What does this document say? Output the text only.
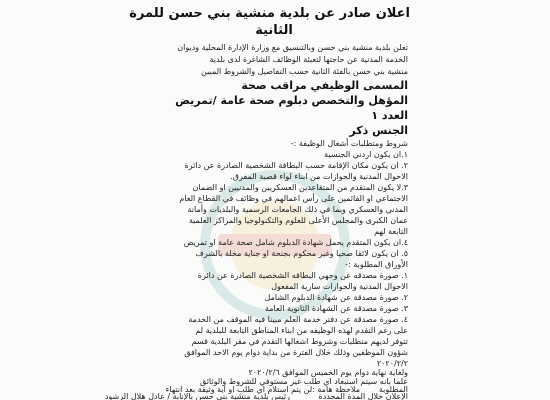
اعلان صادر عن بلدية منشية بني حسن للمرة
الثانية
تعلن بلدية منشية بني حسن وبالتنسيق مع وزارة الإدارة المحلية وديوان
الخدمة المدنية عن حاجتها لتعبئة الوظائف الشاغرة لدى بلدية
منشية بني حسن بالفئة الثانية حسب التفاصيل والشروط المبين
المسمى الوظيفي مراقب صحة
المؤهل والتخصص دبلوم صحة عامة /تمريض
العدد ١
الجنس ذكر
شروط ومتطلبات أشغال الوظيفة :-
١.ان يكون اردني الجنسية
٢. ان يكون مكان الإقامة حسب البطاقة الشخصية الصادرة عن دائرة
الاحوال المدنية والجوازات من ابناء لواء قصبة المفرق.
٣.لا يكون المتقدم من المتقاعدين العسكريين والمدنيين او الضمان
الاجتماعي او القائمين على رأس اعمالهم في وظائف في القطاع العام
المدني والعسكري وبما في ذلك الجامعات الرسمية والبلديات وأمانة
عمان الكبرى والمجلس الأعلى للعلوم والتكنولوجيا والمراكز العلمية
التابعة لهم
٤.ان يكون المتقدم يحمل شهادة الدبلوم شامل صحة عامة او تمريض
٥. ان يكون لائقا صحيا وغير محكوم بجنحة او جناية مخلة بالشرف
الأوراق المطلوبة :-
١. صورة مصدقه عن وجهي البطاقه الشخصية الصادرة عن دائرة
الاحوال المدنية والجوازات سارية المفعول
٢. صورة مصدقة عن شهادة الدبلوم الشامل
٣. صورة مصدقة عن الشهادة الثانوية العامة
٤. صورة مصدقة عن دفتر خدمة العلم مبينا فيه الموقف من الخدمة
على رغم التقدم لهذه الوظيفه من ابناء المناطق التابعة للبلدية لم
تتوفر لديهم متطلبات وشروط اشغالها التقدم في مقر البلدية قسم
شؤون الموظفين وذلك خلال الفترة من بداية دوام يوم الاحد الموافق
٢٠٢٠/٢/٢
ولغاية نهاية دوام يوم الخميس الموافق ٢٠٢٠/٢/٦
علما بانه سيتم استبعاد اي طلب غير مستوفي للشروط والوثائق
المطلوبة
ملاحظة هامة :لن يتم استلام اي طلب او اية وثيقة بعد انتهاء
الإعلان خلال المدة المحددة
رئيس بلدية منشية بني حسن بالإنابة / عادل هلال الرشود
